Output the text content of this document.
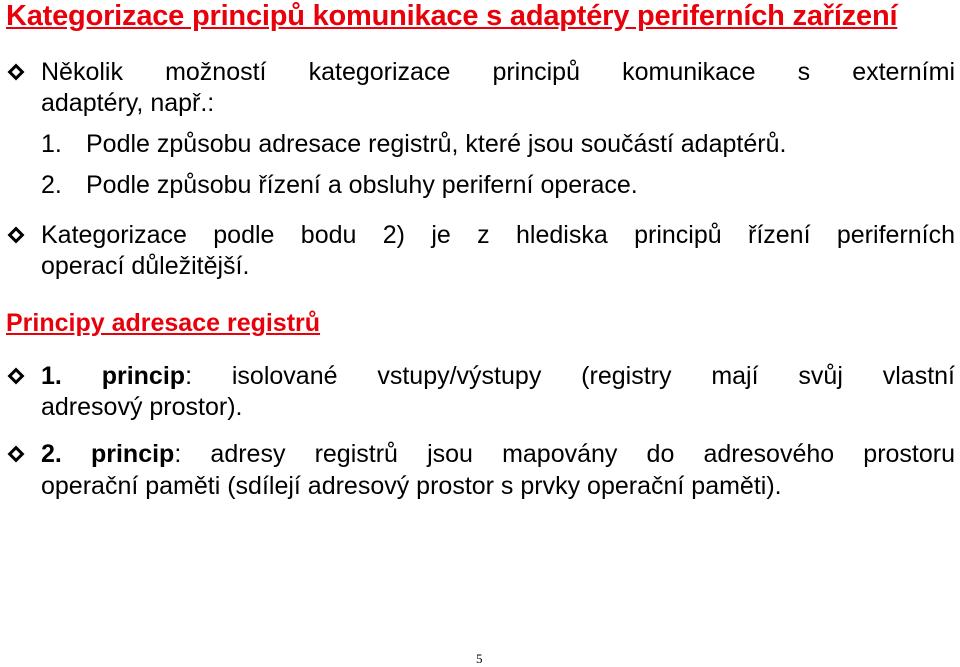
Kategorizace principů komunikace s adaptéry periferních zařízení
Několik možností kategorizace principů komunikace s externími
adaptéry, např.:
1. Podle způsobu adresace registrů, které jsou součástí adaptérů.
2. Podle způsobu řízení a obsluhy periferní operace.
Kategorizace podle bodu 2) je z hlediska principů řízení periferních
operací důležitější.
Principy adresace registrů
1. princip: isolované vstupy/výstupy (registry mají svůj vlastní
adresový prostor).
2. princip: adresy registrů jsou mapovány do adresového prostoru
operační paměti (sdílejí adresový prostor s prvky operační paměti).
5
